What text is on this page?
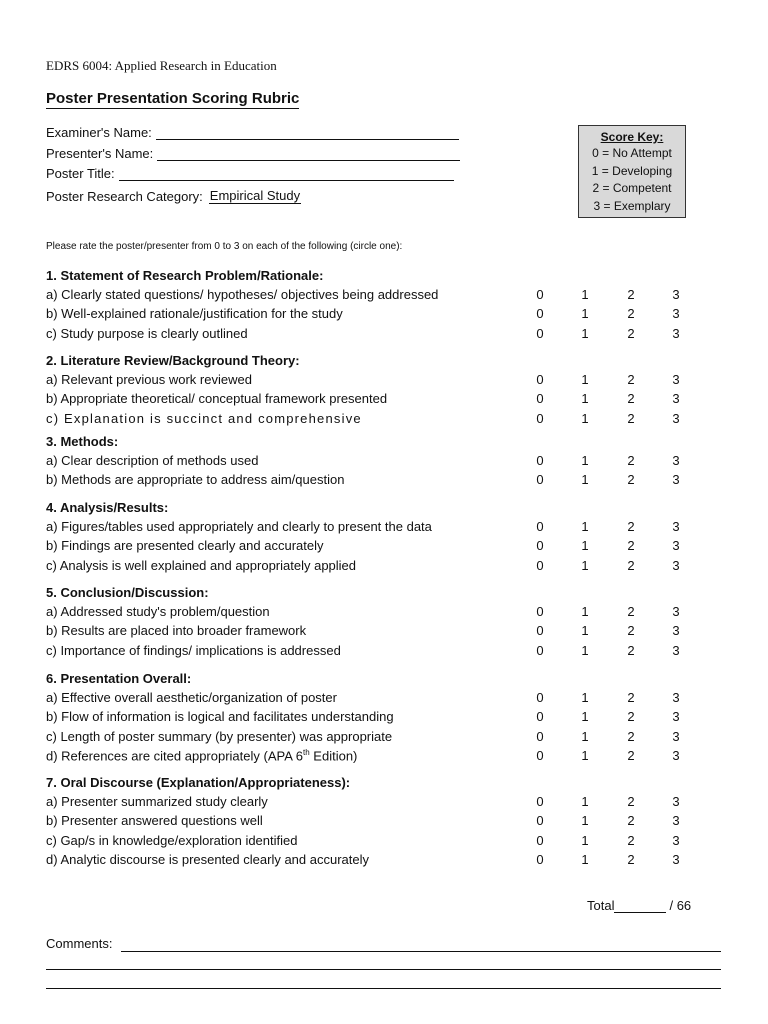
EDRS 6004: Applied Research in Education
Poster Presentation Scoring Rubric
Examiner's Name:
Presenter's Name:
Poster Title:
Poster Research Category: Empirical Study
Score Key:
0 = No Attempt
1 = Developing
2 = Competent
3 = Exemplary
Please rate the poster/presenter from 0 to 3 on each of the following (circle one):
1. Statement of Research Problem/Rationale:
a) Clearly stated questions/ hypotheses/ objectives being addressed	0	1	2	3
b) Well-explained rationale/justification for the study	0	1	2	3
c) Study purpose is clearly outlined	0	1	2	3
2. Literature Review/Background Theory:
a) Relevant previous work reviewed	0	1	2	3
b) Appropriate theoretical/ conceptual framework presented	0	1	2	3
c) Explanation is succinct and comprehensive	0	1	2	3
3. Methods:
a) Clear description of methods used	0	1	2	3
b) Methods are appropriate to address aim/question	0	1	2	3
4. Analysis/Results:
a) Figures/tables used appropriately and clearly to present the data	0	1	2	3
b) Findings are presented clearly and accurately	0	1	2	3
c) Analysis is well explained and appropriately applied	0	1	2	3
5. Conclusion/Discussion:
a) Addressed study's problem/question	0	1	2	3
b) Results are placed into broader framework	0	1	2	3
c) Importance of findings/ implications is addressed	0	1	2	3
6. Presentation Overall:
a) Effective overall aesthetic/organization of poster	0	1	2	3
b) Flow of information is logical and facilitates understanding	0	1	2	3
c) Length of poster summary (by presenter) was appropriate	0	1	2	3
d) References are cited appropriately (APA 6th Edition)	0	1	2	3
7. Oral Discourse (Explanation/Appropriateness):
a) Presenter summarized study clearly	0	1	2	3
b) Presenter answered questions well	0	1	2	3
c) Gap/s in knowledge/exploration identified	0	1	2	3
d) Analytic discourse is presented clearly and accurately	0	1	2	3
Total	/ 66
Comments:
